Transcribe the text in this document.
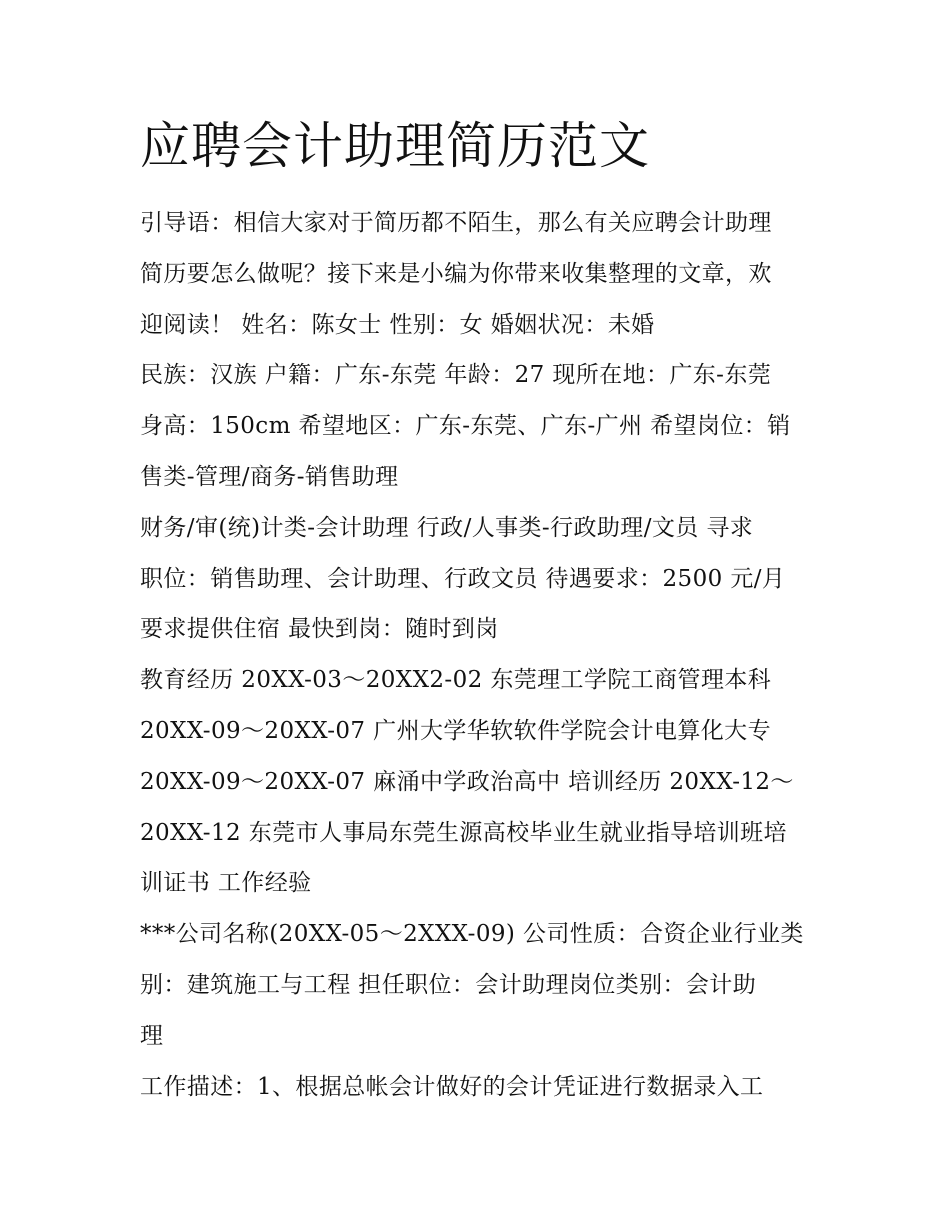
应聘会计助理简历范文
引导语：相信大家对于简历都不陌生，那么有关应聘会计助理
简历要怎么做呢？接下来是小编为你带来收集整理的文章，欢
迎阅读！ 姓名：陈女士 性别：女 婚姻状况：未婚
民族：汉族 户籍：广东-东莞 年龄：27 现所在地：广东-东莞
身高：150cm 希望地区：广东-东莞、广东-广州 希望岗位：销
售类-管理/商务-销售助理
财务/审(统)计类-会计助理 行政/人事类-行政助理/文员 寻求
职位：销售助理、会计助理、行政文员 待遇要求：2500 元/月
要求提供住宿 最快到岗：随时到岗
教育经历 20XX-03～20XX2-02 东莞理工学院工商管理本科
20XX-09～20XX-07 广州大学华软软件学院会计电算化大专
20XX-09～20XX-07 麻涌中学政治高中 培训经历 20XX-12～
20XX-12 东莞市人事局东莞生源高校毕业生就业指导培训班培
训证书 工作经验
***公司名称(20XX-05～2XXX-09) 公司性质：合资企业行业类
别：建筑施工与工程 担任职位：会计助理岗位类别：会计助
理
工作描述：1、根据总帐会计做好的会计凭证进行数据录入工
